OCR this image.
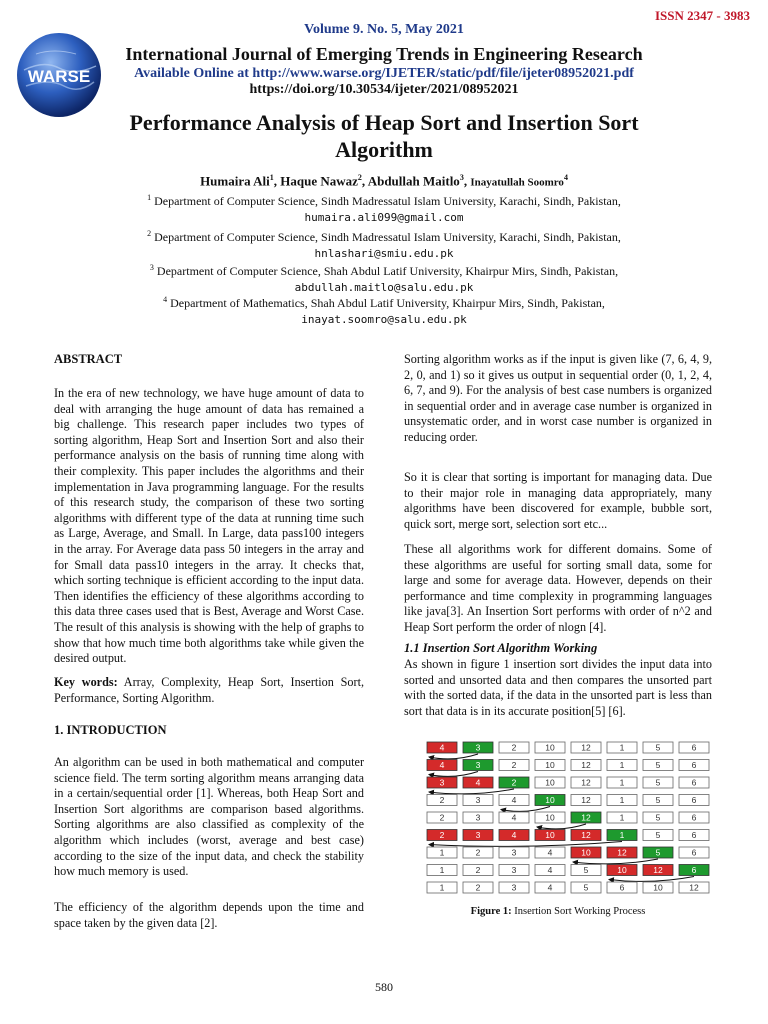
ISSN 2347 - 3983
WARSE
Volume 9. No. 5, May 2021
International Journal of Emerging Trends in Engineering Research
Available Online at http://www.warse.org/IJETER/static/pdf/file/ijeter08952021.pdf
https://doi.org/10.30534/ijeter/2021/08952021
Performance Analysis of Heap Sort and Insertion Sort Algorithm
Humaira Ali$^1$, Haque Nawaz$^2$, Abdullah Maitlo$^3$, Inayatullah Soomro$^4$
$^1$ Department of Computer Science, Sindh Madressatul Islam University, Karachi, Sindh, Pakistan,
humaira.ali099@gmail.com
$^2$ Department of Computer Science, Sindh Madressatul Islam University, Karachi, Sindh, Pakistan,
hnlashari@smiu.edu.pk
$^3$ Department of Computer Science, Shah Abdul Latif University, Khairpur Mirs, Sindh, Pakistan,
abdullah.maitlo@salu.edu.pk
$^4$ Department of Mathematics, Shah Abdul Latif University, Khairpur Mirs, Sindh, Pakistan,
inayat.soomro@salu.edu.pk
ABSTRACT
In the era of new technology, we have huge amount of data to deal with arranging the huge amount of data has remained a big challenge. This research paper includes two types of sorting algorithm, Heap Sort and Insertion Sort and also their performance analysis on the basis of running time along with their complexity. This paper includes the algorithms and their implementation in Java programming language. For the results of this research study, the comparison of these two sorting algorithms with different type of the data at running time such as Large, Average, and Small. In Large, data pass100 integers in the array. For Average data pass 50 integers in the array and for Small data pass10 integers in the array. It checks that, which sorting technique is efficient according to the input data. Then identifies the efficiency of these algorithms according to this data three cases used that is Best, Average and Worst Case. The result of this analysis is showing with the help of graphs to show that how much time both algorithms take while given the desired output.
Key words: Array, Complexity, Heap Sort, Insertion Sort, Performance, Sorting Algorithm.
1. INTRODUCTION
An algorithm can be used in both mathematical and computer science field. The term sorting algorithm means arranging data in a certain/sequential order [1]. Whereas, both Heap Sort and Insertion Sort algorithms are comparison based algorithms. Sorting algorithms are also classified as complexity of the algorithm which includes (worst, average and best case) according to the size of the input data, and check the stability how much memory is used.
The efficiency of the algorithm depends upon the time and space taken by the given data [2].
Sorting algorithm works as if the input is given like (7, 6, 4, 9, 2, 0, and 1) so it gives us output in sequential order (0, 1, 2, 4, 6, 7, and 9). For the analysis of best case numbers is organized in sequential order and in average case number is organized in unsystematic order, and in worst case number is organized in reducing order.
So it is clear that sorting is important for managing data. Due to their major role in managing data appropriately, many algorithms have been discovered for example, bubble sort, quick sort, merge sort, selection sort etc...
These all algorithms work for different domains. Some of these algorithms are useful for sorting small data, some for large and some for average data. However, depends on their performance and time complexity in programming languages like java[3]. An Insertion Sort performs with order of n^2 and Heap Sort perform the order of nlogn [4].
1.1 Insertion Sort Algorithm Working
As shown in figure 1 insertion sort divides the input data into sorted and unsorted data and then compares the unsorted part with the sorted data, if the data in the unsorted part is less than sort that data is in its accurate position[5] [6].
4	3	2	10	12	1	5	6
4	3	2	10	12	1	5	6
3	4	2	10	12	1	5	6
2	3	4	10	12	1	5	6
2	3	4	10	12	1	5	6
2	3	4	10	12	1	5	6
1	2	3	4	10	12	5	6
1	2	3	4	5	10	12	6
1	2	3	4	5	6	10	12
Figure 1: Insertion Sort Working Process
580
